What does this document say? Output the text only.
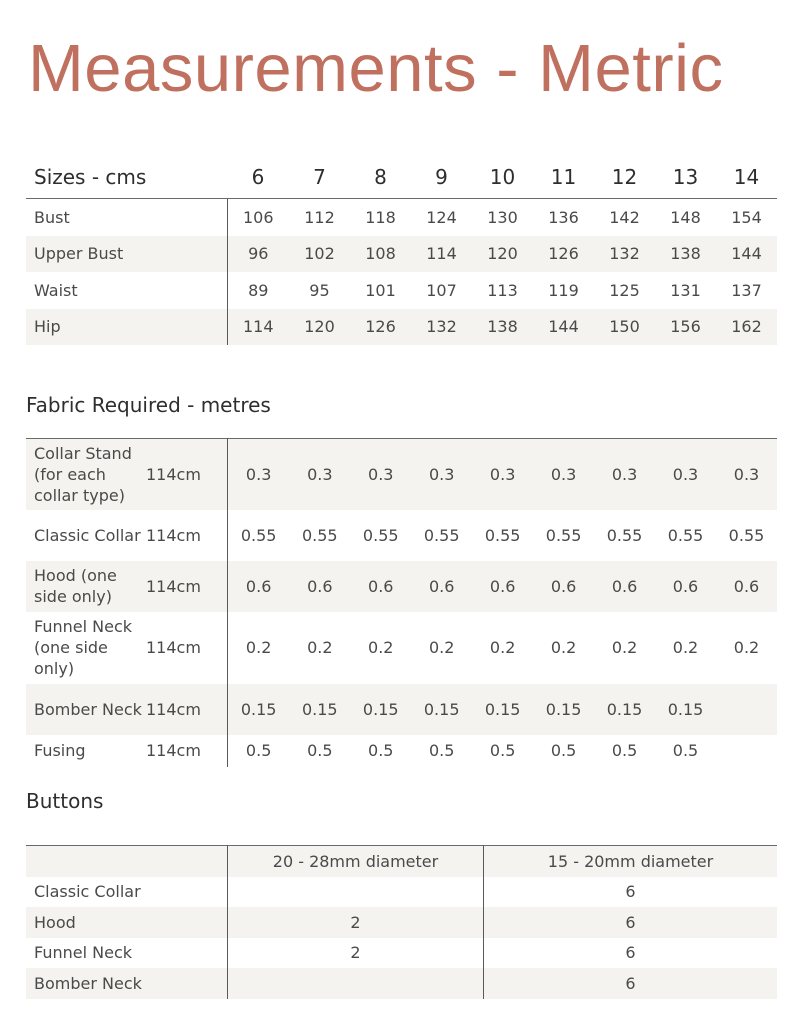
Measurements - Metric
Sizes - cms	6	7	8	9	10	11	12	13	14
Bust	106	112	118	124	130	136	142	148	154
Upper Bust	96	102	108	114	120	126	132	138	144
Waist	89	95	101	107	113	119	125	131	137
Hip	114	120	126	132	138	144	150	156	162
Fabric Required - metres
Collar Stand (for each collar type)	114cm	0.3	0.3	0.3	0.3	0.3	0.3	0.3	0.3	0.3
Classic Collar	114cm	0.55	0.55	0.55	0.55	0.55	0.55	0.55	0.55	0.55
Hood (one side only)	114cm	0.6	0.6	0.6	0.6	0.6	0.6	0.6	0.6	0.6
Funnel Neck (one side only)	114cm	0.2	0.2	0.2	0.2	0.2	0.2	0.2	0.2	0.2
Bomber Neck	114cm	0.15	0.15	0.15	0.15	0.15	0.15	0.15	0.15	
Fusing	114cm	0.5	0.5	0.5	0.5	0.5	0.5	0.5	0.5	
Buttons
	20 - 28mm diameter	15 - 20mm diameter
Classic Collar		6
Hood	2	6
Funnel Neck	2	6
Bomber Neck		6
